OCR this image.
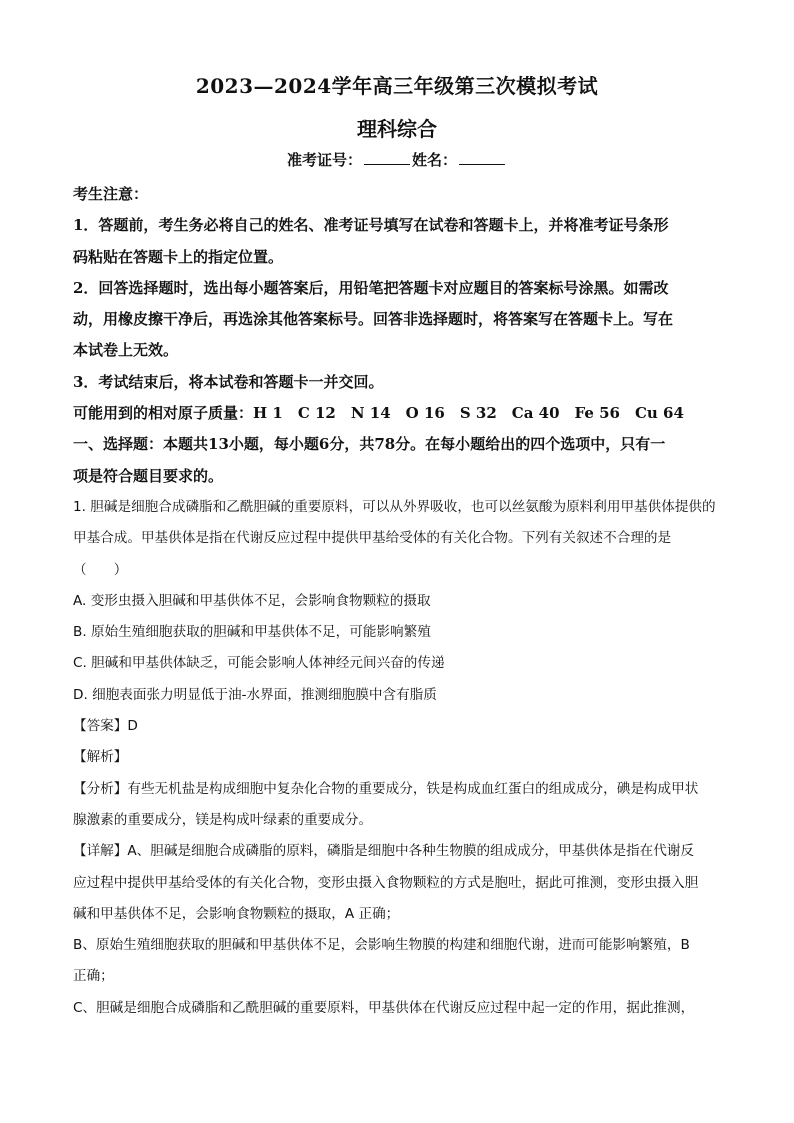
2023—2024学年高三年级第三次模拟考试
理科综合
准考证号：	姓名：
考生注意：
1．答题前，考生务必将自己的姓名、准考证号填写在试卷和答题卡上，并将准考证号条形
码粘贴在答题卡上的指定位置。
2．回答选择题时，选出每小题答案后，用铅笔把答题卡对应题目的答案标号涂黑。如需改
动，用橡皮擦干净后，再选涂其他答案标号。回答非选择题时，将答案写在答题卡上。写在
本试卷上无效。
3．考试结束后，将本试卷和答题卡一并交回。
可能用到的相对原子质量：H 1　C 12　N 14　O 16　S 32　Ca 40　Fe 56　Cu 64
一、选择题：本题共13小题，每小题6分，共78分。在每小题给出的四个选项中，只有一
项是符合题目要求的。
1. 胆碱是细胞合成磷脂和乙酰胆碱的重要原料，可以从外界吸收，也可以丝氨酸为原料利用甲基供体提供的
甲基合成。甲基供体是指在代谢反应过程中提供甲基给受体的有关化合物。下列有关叙述不合理的是
（　　）
A. 变形虫摄入胆碱和甲基供体不足，会影响食物颗粒的摄取
B. 原始生殖细胞获取的胆碱和甲基供体不足，可能影响繁殖
C. 胆碱和甲基供体缺乏，可能会影响人体神经元间兴奋的传递
D. 细胞表面张力明显低于油-水界面，推测细胞膜中含有脂质
【答案】D
【解析】
【分析】有些无机盐是构成细胞中复杂化合物的重要成分，铁是构成血红蛋白的组成成分，碘是构成甲状
腺激素的重要成分，镁是构成叶绿素的重要成分。
【详解】A、胆碱是细胞合成磷脂的原料，磷脂是细胞中各种生物膜的组成成分，甲基供体是指在代谢反
应过程中提供甲基给受体的有关化合物，变形虫摄入食物颗粒的方式是胞吐，据此可推测，变形虫摄入胆
碱和甲基供体不足，会影响食物颗粒的摄取，A 正确；
B、原始生殖细胞获取的胆碱和甲基供体不足，会影响生物膜的构建和细胞代谢，进而可能影响繁殖，B
正确；
C、胆碱是细胞合成磷脂和乙酰胆碱的重要原料，甲基供体在代谢反应过程中起一定的作用，据此推测，
